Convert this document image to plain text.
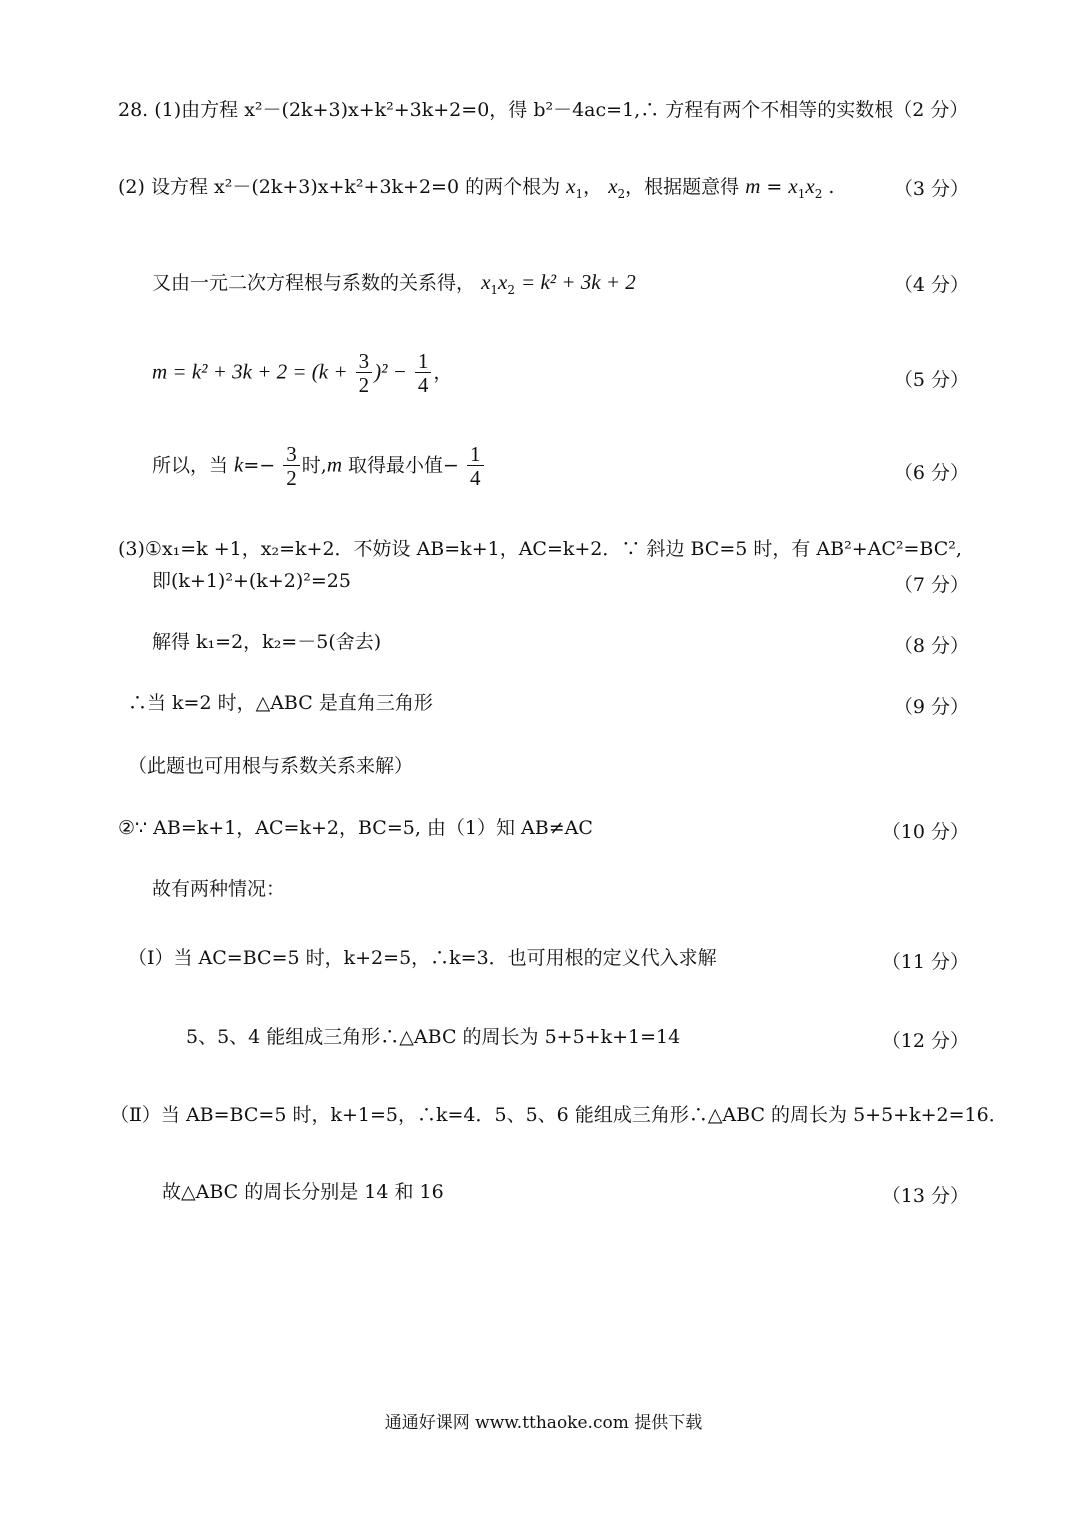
28. (1)由方程 x²－(2k+3)x+k²+3k+2=0，得 b²－4ac=1,∴ 方程有两个不相等的实数根（2 分）
(2) 设方程 x²－(2k+3)x+k²+3k+2=0 的两个根为 $x_1$， $x_2$，根据题意得 $m = x_1x_2$ .	（3 分）
又由一元二次方程根与系数的关系得， $x_1x_2 = k^2 + 3k + 2$	（4 分）
$m = k^2 + 3k + 2 = (k + \frac{3}{2} )^2 - \frac{1}{4}$ ，	（5 分）
所以，当 $k=- \frac{3}{2}$ 时,m 取得最小值− $\frac{1}{4}$	（6 分）
(3)①x₁=k +1，x₂=k+2．不妨设 AB=k+1，AC=k+2．∵ 斜边 BC=5 时，有 AB²+AC²=BC²,
即(k+1)²+(k+2)²=25	（7 分）
解得 k₁=2，k₂=－5(舍去)	（8 分）
∴当 k=2 时，△ABC 是直角三角形	（9 分）
（此题也可用根与系数关系来解）
②∵ AB=k+1，AC=k+2，BC=5, 由（1）知 AB≠AC	（10 分）
故有两种情况：
（Ⅰ）当 AC=BC=5 时，k+2=5，∴k=3．也可用根的定义代入求解	（11 分）
5、5、4 能组成三角形∴△ABC 的周长为 5+5+k+1=14	（12 分）
（Ⅱ）当 AB=BC=5 时，k+1=5，∴k=4．5、5、6 能组成三角形∴△ABC 的周长为 5+5+k+2=16．
故△ABC 的周长分别是 14 和 16	（13 分）
通通好课网 www.tthaoke.com 提供下载
